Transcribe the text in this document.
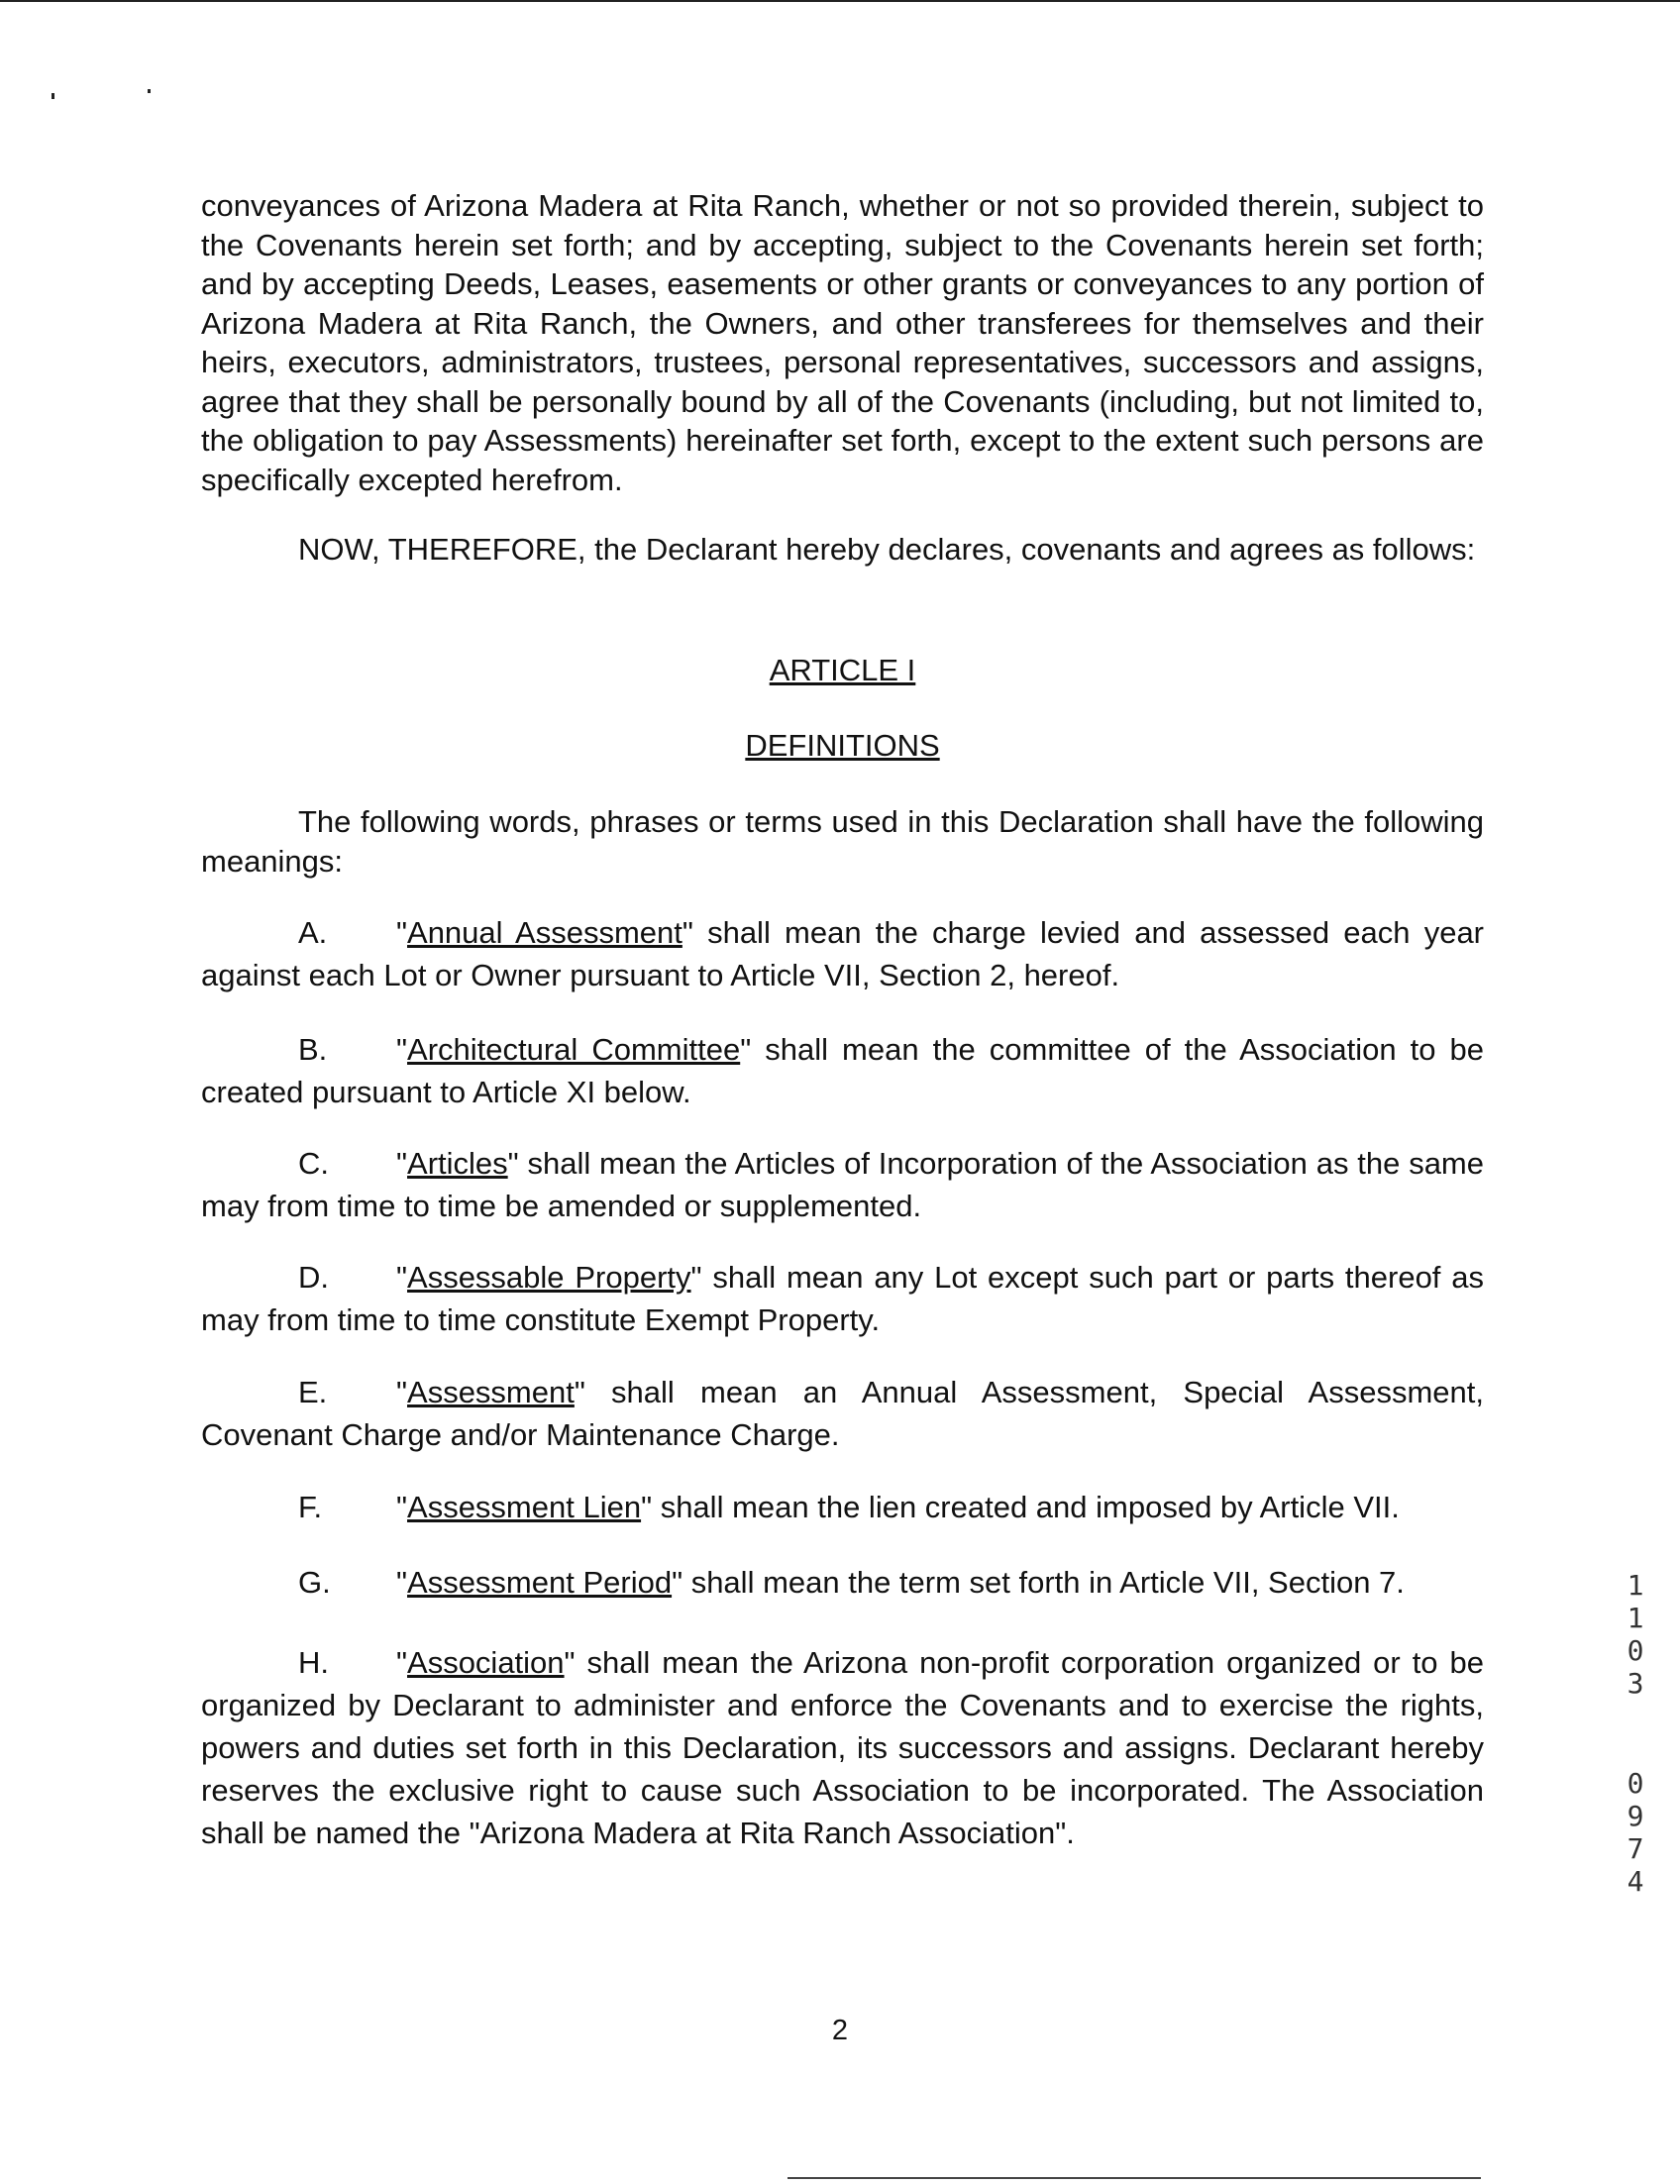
conveyances of Arizona Madera at Rita Ranch, whether or not so provided therein, subject to the Covenants herein set forth; and by accepting, subject to the Covenants herein set forth; and by accepting Deeds, Leases, easements or other grants or conveyances to any portion of Arizona Madera at Rita Ranch, the Owners, and other transferees for themselves and their heirs, executors, administrators, trustees, personal representatives, successors and assigns, agree that they shall be personally bound by all of the Covenants (including, but not limited to, the obligation to pay Assessments) hereinafter set forth, except to the extent such persons are specifically excepted herefrom.

NOW, THEREFORE, the Declarant hereby declares, covenants and agrees as follows:

ARTICLE I

DEFINITIONS

The following words, phrases or terms used in this Declaration shall have the following meanings:

A. "Annual Assessment" shall mean the charge levied and assessed each year against each Lot or Owner pursuant to Article VII, Section 2, hereof.

B. "Architectural Committee" shall mean the committee of the Association to be created pursuant to Article XI below.

C. "Articles" shall mean the Articles of Incorporation of the Association as the same may from time to time be amended or supplemented.

D. "Assessable Property" shall mean any Lot except such part or parts thereof as may from time to time constitute Exempt Property.

E. "Assessment" shall mean an Annual Assessment, Special Assessment, Covenant Charge and/or Maintenance Charge.

F. "Assessment Lien" shall mean the lien created and imposed by Article VII.

G. "Assessment Period" shall mean the term set forth in Article VII, Section 7.

H. "Association" shall mean the Arizona non-profit corporation organized or to be organized by Declarant to administer and enforce the Covenants and to exercise the rights, powers and duties set forth in this Declaration, its successors and assigns. Declarant hereby reserves the exclusive right to cause such Association to be incorporated. The Association shall be named the "Arizona Madera at Rita Ranch Association".

1103
0974
2
